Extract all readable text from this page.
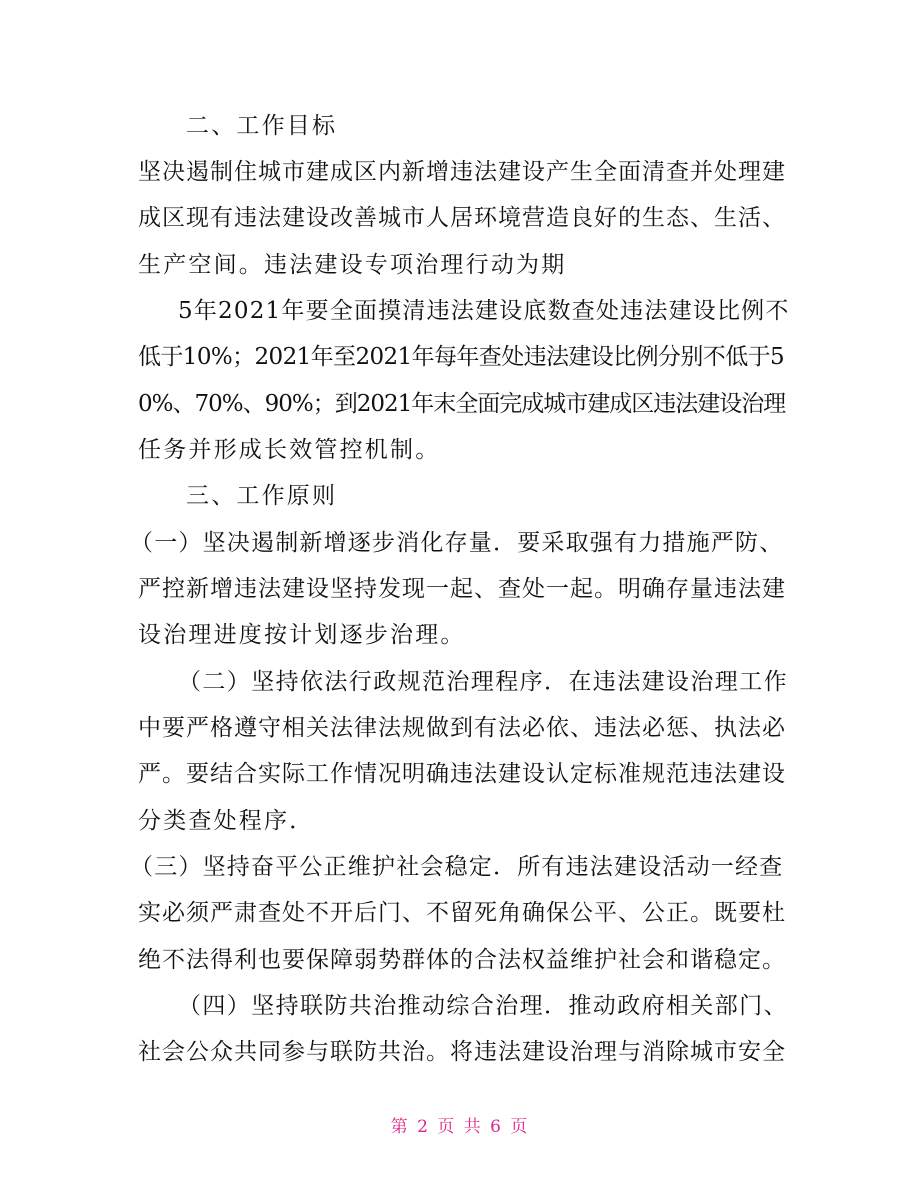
二、工作目标
坚决遏制住城市建成区内新增违法建设产生全面清查并处理建
成区现有违法建设改善城市人居环境营造良好的生态、生活、
生产空间。违法建设专项治理行动为期
5年2021年要全面摸清违法建设底数查处违法建设比例不
低于10%；2021年至2021年每年查处违法建设比例分别不低于5
0%、70%、90%；到2021年末全面完成城市建成区违法建设治理
任务并形成长效管控机制。
三、工作原则
（一）坚决遏制新增逐步消化存量．要采取强有力措施严防、
严控新增违法建设坚持发现一起、查处一起。明确存量违法建
设治理进度按计划逐步治理。
（二）坚持依法行政规范治理程序．在违法建设治理工作
中要严格遵守相关法律法规做到有法必依、违法必惩、执法必
严。要结合实际工作情况明确违法建设认定标准规范违法建设
分类查处程序．
（三）坚持奋平公正维护社会稳定．所有违法建设活动一经查
实必须严肃查处不开后门、不留死角确保公平、公正。既要杜
绝不法得利也要保障弱势群体的合法权益维护社会和谐稳定。
（四）坚持联防共治推动综合治理．推动政府相关部门、
社会公众共同参与联防共治。将违法建设治理与消除城市安全
第 2 页 共 6 页
